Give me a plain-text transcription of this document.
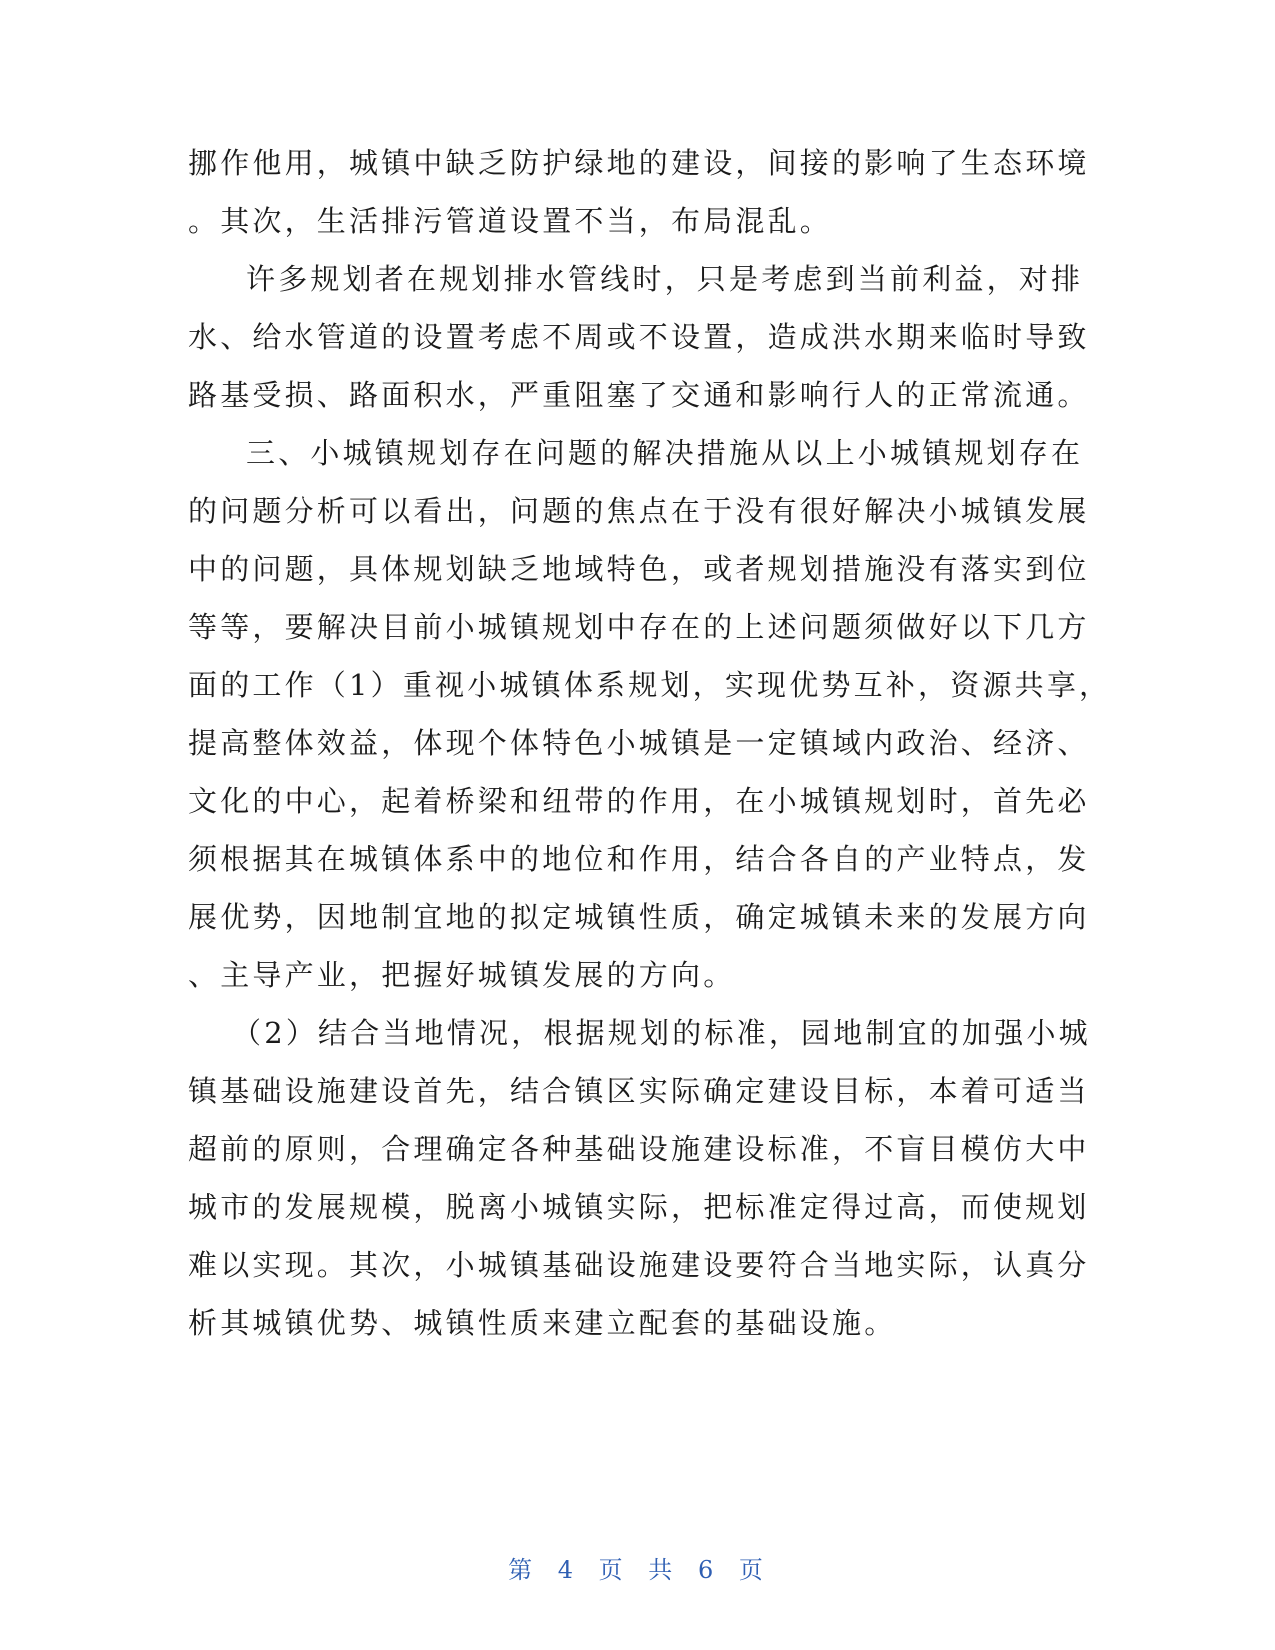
挪作他用，城镇中缺乏防护绿地的建设，间接的影响了生态环境
。其次，生活排污管道设置不当，布局混乱。
许多规划者在规划排水管线时，只是考虑到当前利益，对排
水、给水管道的设置考虑不周或不设置，造成洪水期来临时导致
路基受损、路面积水，严重阻塞了交通和影响行人的正常流通。
三、小城镇规划存在问题的解决措施从以上小城镇规划存在
的问题分析可以看出，问题的焦点在于没有很好解决小城镇发展
中的问题，具体规划缺乏地域特色，或者规划措施没有落实到位
等等，要解决目前小城镇规划中存在的上述问题须做好以下几方
面的工作（1）重视小城镇体系规划，实现优势互补，资源共享，
提高整体效益，体现个体特色小城镇是一定镇域内政治、经济、
文化的中心，起着桥梁和纽带的作用，在小城镇规划时，首先必
须根据其在城镇体系中的地位和作用，结合各自的产业特点，发
展优势，因地制宜地的拟定城镇性质，确定城镇未来的发展方向
、主导产业，把握好城镇发展的方向。
（2）结合当地情况，根据规划的标准，园地制宜的加强小城
镇基础设施建设首先，结合镇区实际确定建设目标，本着可适当
超前的原则，合理确定各种基础设施建设标准，不盲目模仿大中
城市的发展规模，脱离小城镇实际，把标准定得过高，而使规划
难以实现。其次，小城镇基础设施建设要符合当地实际，认真分
析其城镇优势、城镇性质来建立配套的基础设施。
第 4 页 共 6 页
